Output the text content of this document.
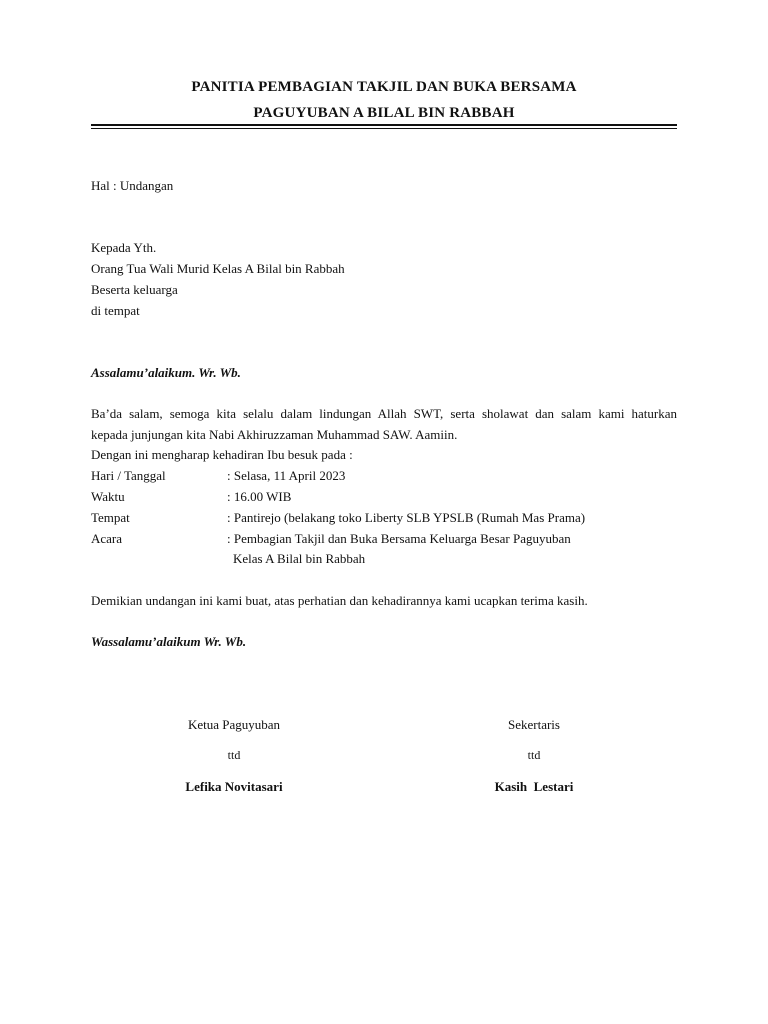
PANITIA PEMBAGIAN TAKJIL DAN BUKA BERSAMA
PAGUYUBAN A BILAL BIN RABBAH
Hal : Undangan
Kepada Yth.
Orang Tua Wali Murid Kelas A Bilal bin Rabbah
Beserta keluarga
di tempat
Assalamu’alaikum. Wr. Wb.
Ba’da salam, semoga kita selalu dalam lindungan Allah SWT, serta sholawat dan salam kami haturkan
kepada junjungan kita Nabi Akhiruzzaman Muhammad SAW. Aamiin.
Dengan ini mengharap kehadiran Ibu besuk pada :
Hari / Tanggal	: Selasa, 11 April 2023
Waktu	: 16.00 WIB
Tempat	: Pantirejo (belakang toko Liberty SLB YPSLB (Rumah Mas Prama)
Acara	: Pembagian Takjil dan Buka Bersama Keluarga Besar Paguyuban
Kelas A Bilal bin Rabbah
Demikian undangan ini kami buat, atas perhatian dan kehadirannya kami ucapkan terima kasih.
Wassalamu’alaikum Wr. Wb.
Ketua Paguyuban
ttd
Lefika Novitasari
Sekertaris
ttd
Kasih  Lestari
